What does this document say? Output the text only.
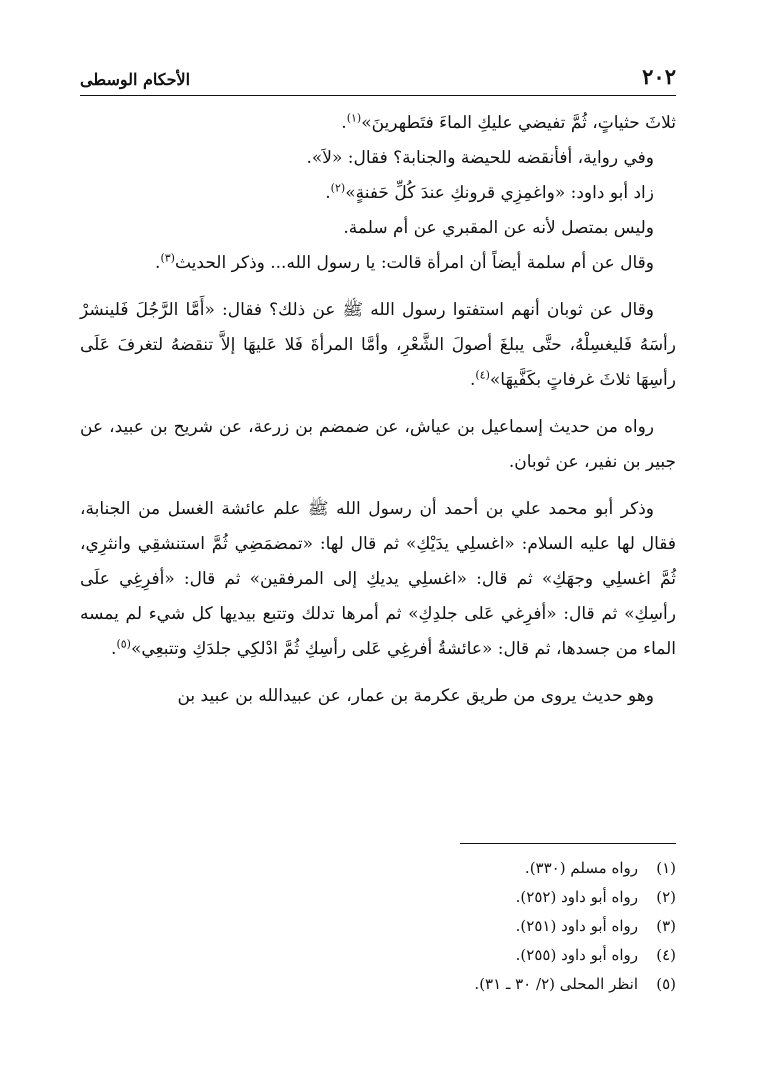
٢٠٢
الأحكام الوسطى

ثلاثَ حثياتٍ، ثُمَّ تفيضي عليكِ الماءَ فتَطهرينَ»$^{(١)}$.

وفي رواية، أفأنقضه للحيضة والجنابة؟ فقال: «لاَ».

زاد أبو داود: «واغمِزِي قرونكِ عندَ كُلِّ حَفنةٍ»$^{(٢)}$.

وليس بمتصل لأنه عن المقبري عن أم سلمة.

وقال عن أم سلمة أيضاً أن امرأة قالت: يا رسول الله... وذكر الحديث$^{(٣)}$.

وقال عن ثوبان أنهم استفتوا رسول الله ﷺ عن ذلك؟ فقال: «أَمَّا الرَّجُلَ فَلينشرْ رأسَهُ فَليغسِلْهُ، حتَّى يبلغَ أصولَ الشَّعْرِ، وأمَّا المرأةَ فَلا عَليهَا إلاَّ تنقضهُ لتغرفَ عَلَى رأسِهَا ثلاثَ غرفاتٍ بكَفَّيهَا»$^{(٤)}$.

رواه من حديث إسماعيل بن عياش، عن ضمضم بن زرعة، عن شريح بن عبيد، عن جبير بن نفير، عن ثوبان.

وذكر أبو محمد علي بن أحمد أن رسول الله ﷺ علم عائشة الغسل من الجنابة، فقال لها عليه السلام: «اغسلِي يدَيْكِ» ثم قال لها: «تمضمَضِي ثُمَّ استنشقِي وانثرِي، ثُمَّ اغسلِي وجهَكِ» ثم قال: «اغسلِي يديكِ إلى المرفقين» ثم قال: «أفرِغِي علَى رأسِكِ» ثم قال: «أفرِغي عَلى جلدِكِ» ثم أمرها تدلك وتتبع بيديها كل شيء لم يمسه الماء من جسدها، ثم قال: «عائشةُ أفرغِي عَلى رأسِكِ ثُمَّ ادْلكِي جلدَكِ وتتبعِي»$^{(٥)}$.

وهو حديث يروى من طريق عكرمة بن عمار، عن عبيدالله بن عبيد بن

(١)
رواه مسلم (٣٣٠).
(٢)
رواه أبو داود (٢٥٢).
(٣)
رواه أبو داود (٢٥١).
(٤)
رواه أبو داود (٢٥٥).
(٥)
انظر المحلى (٢/ ٣٠ ـ ٣١).
